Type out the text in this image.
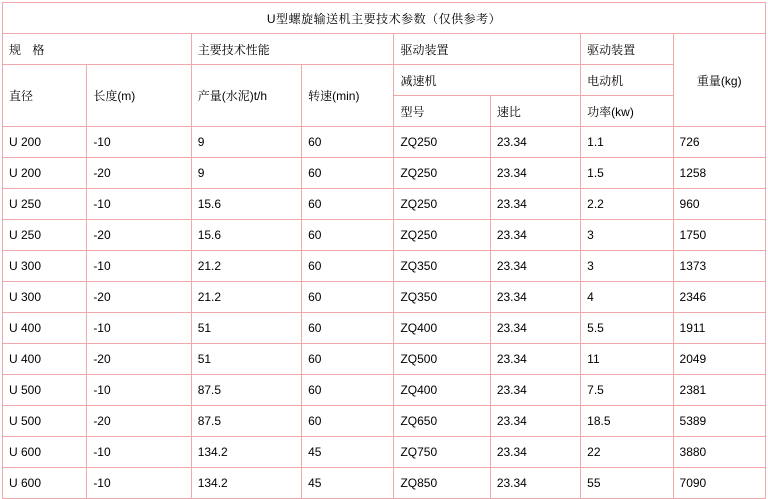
U型螺旋输送机主要技术参数（仅供参考）							
规 格		主要技术性能		驱动装置		驱动装置	重量(kg)
直径	长度(m)	产量(水泥)t/h	转速(min)	减速机		电动机	
				型号	速比	功率(kw)	
U 200	-10	9	60	ZQ250	23.34	1.1	726
U 200	-20	9	60	ZQ250	23.34	1.5	1258
U 250	-10	15.6	60	ZQ250	23.34	2.2	960
U 250	-20	15.6	60	ZQ250	23.34	3	1750
U 300	-10	21.2	60	ZQ350	23.34	3	1373
U 300	-20	21.2	60	ZQ350	23.34	4	2346
U 400	-10	51	60	ZQ400	23.34	5.5	1911
U 400	-20	51	60	ZQ500	23.34	11	2049
U 500	-10	87.5	60	ZQ400	23.34	7.5	2381
U 500	-20	87.5	60	ZQ650	23.34	18.5	5389
U 600	-10	134.2	45	ZQ750	23.34	22	3880
U 600	-10	134.2	45	ZQ850	23.34	55	7090
